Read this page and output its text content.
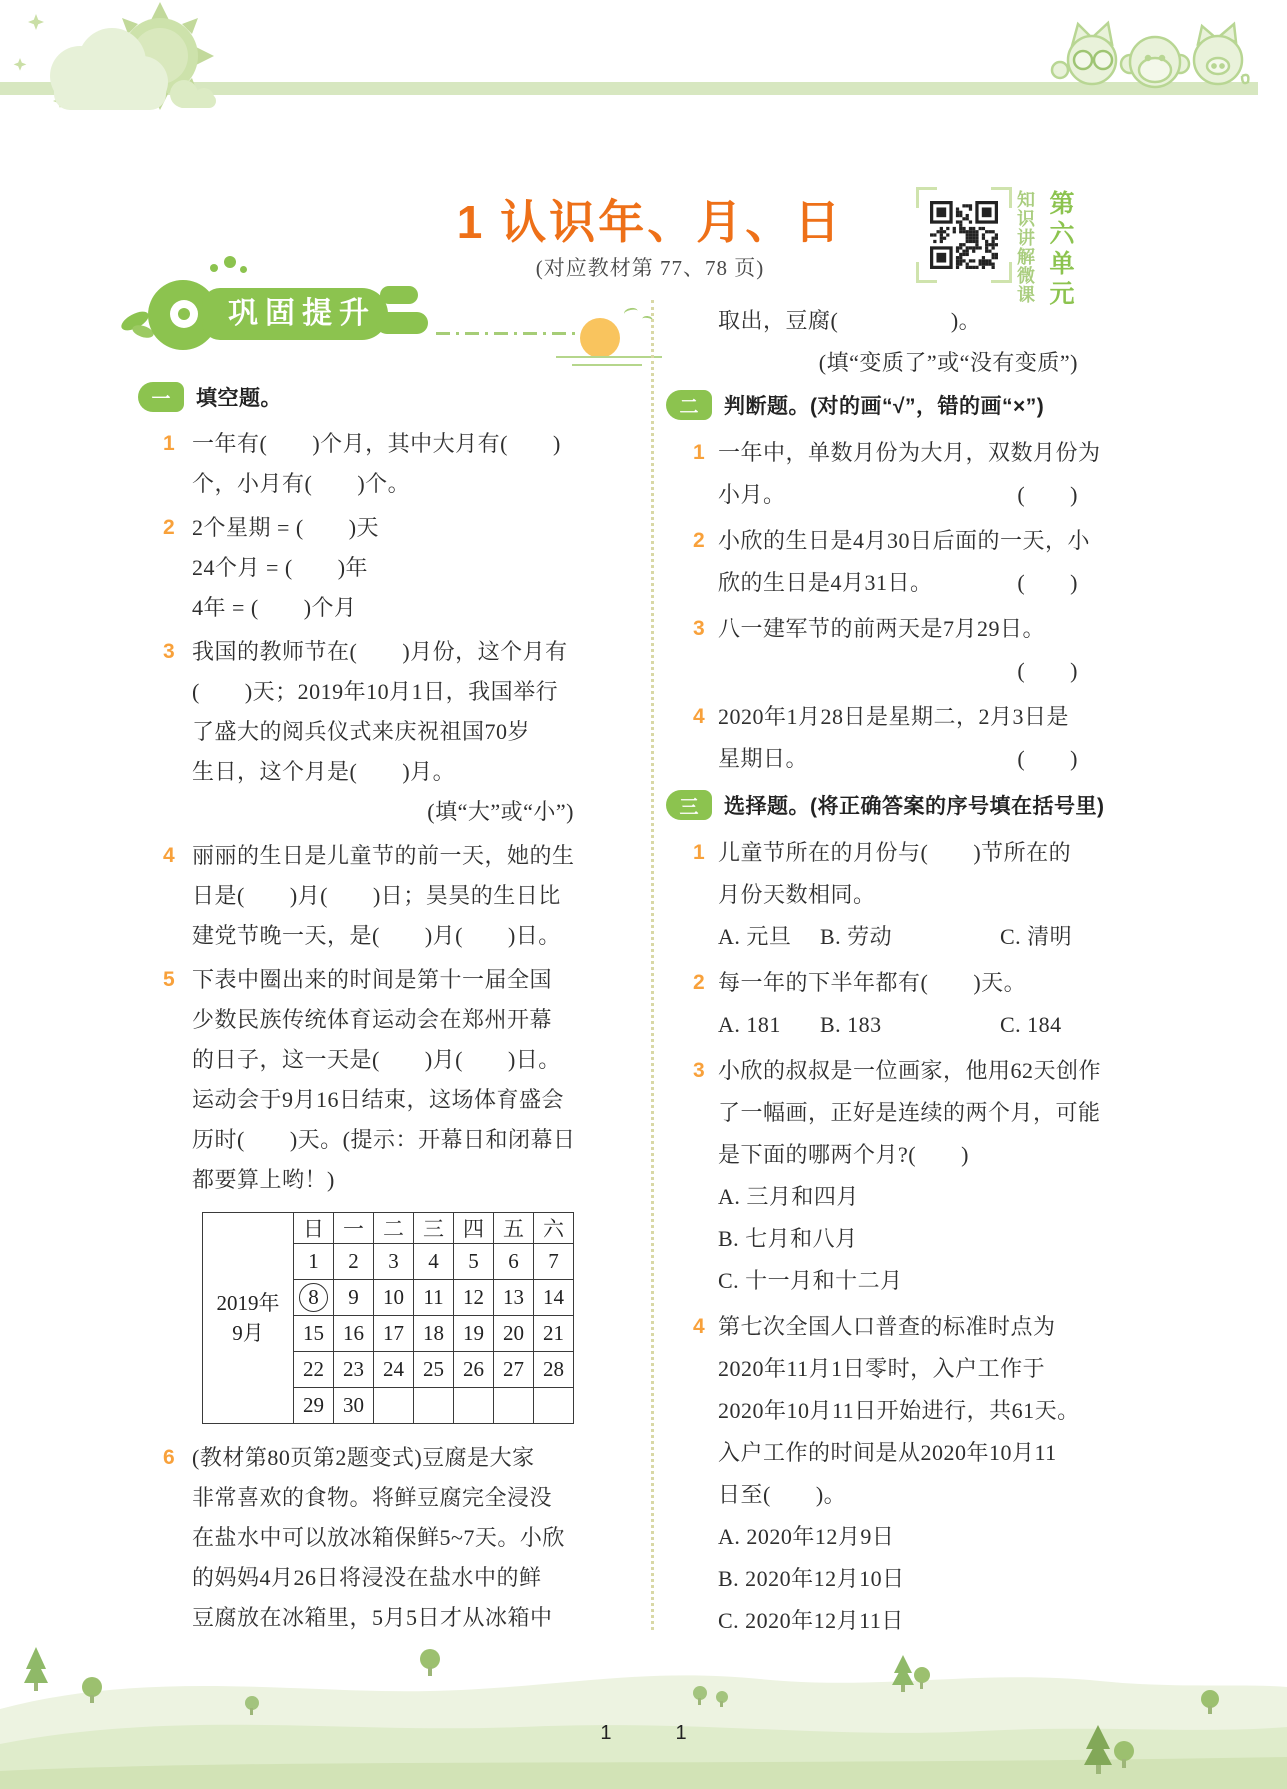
1 认识年、月、日
(对应教材第 77、78 页)	知识讲解微课 第六单元
巩固提升
一	填空题。
1 一年有(　　)个月，其中大月有(　　)
个，小月有(　　)个。
2 2个星期 = (　　)天
24个月 = (　　)年
4年 = (　　)个月
3 我国的教师节在(　　)月份，这个月有
(　　)天；2019年10月1日，我国举行
了盛大的阅兵仪式来庆祝祖国70岁
生日，这个月是(　　)月。
(填“大”或“小”)
4 丽丽的生日是儿童节的前一天，她的生
日是(　　)月(　　)日；昊昊的生日比
建党节晚一天，是(　　)月(　　)日。
5 下表中圈出来的时间是第十一届全国
少数民族传统体育运动会在郑州开幕
的日子，这一天是(　　)月(　　)日。
运动会于9月16日结束，这场体育盛会
历时(　　)天。(提示：开幕日和闭幕日
都要算上哟！)
2019年
9月	日	一	二	三	四	五	六
	1	2	3	4	5	6	7
	8	9	10	11	12	13	14
	15	16	17	18	19	20	21
	22	23	24	25	26	27	28
	29	30					
6 (教材第80页第2题变式)豆腐是大家
非常喜欢的食物。将鲜豆腐完全浸没
在盐水中可以放冰箱保鲜5~7天。小欣
的妈妈4月26日将浸没在盐水中的鲜
豆腐放在冰箱里，5月5日才从冰箱中
取出，豆腐(　　　　　)。
(填“变质了”或“没有变质”)
二	判断题。(对的画“√”，错的画“×”)
1 一年中，单数月份为大月，双数月份为
小月。	(　　)
2 小欣的生日是4月30日后面的一天，小
欣的生日是4月31日。	(　　)
3 八一建军节的前两天是7月29日。
(　　)
4 2020年1月28日是星期二，2月3日是
星期日。	(　　)
三	选择题。(将正确答案的序号填在括号里)
1 儿童节所在的月份与(　　)节所在的
月份天数相同。
A. 元旦	B. 劳动	C. 清明
2 每一年的下半年都有(　　)天。
A. 181	B. 183	C. 184
3 小欣的叔叔是一位画家，他用62天创作
了一幅画，正好是连续的两个月，可能
是下面的哪两个月?(　　)
A. 三月和四月
B. 七月和八月
C. 十一月和十二月
4 第七次全国人口普查的标准时点为
2020年11月1日零时，入户工作于
2020年10月11日开始进行，共61天。
入户工作的时间是从2020年10月11
日至(　　)。
A. 2020年12月9日
B. 2020年12月10日
C. 2020年12月11日
1	1
